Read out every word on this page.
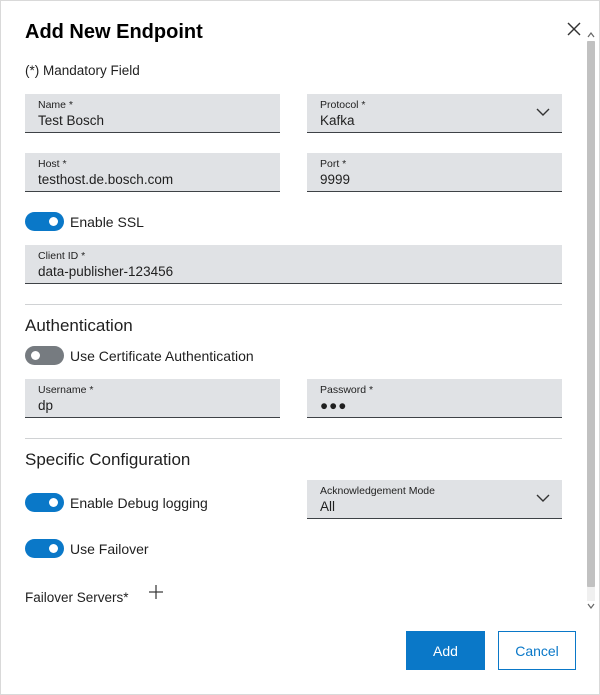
Add New Endpoint
(*) Mandatory Field
Name *
Test Bosch
Protocol *
Kafka
Host *
testhost.de.bosch.com
Port *
9999
Enable SSL
Client ID *
data-publisher-123456
Authentication
Use Certificate Authentication
Username *
dp
Password *
●●●
Specific Configuration
Enable Debug logging
Acknowledgement Mode
All
Use Failover
Failover Servers*
Add	Cancel
